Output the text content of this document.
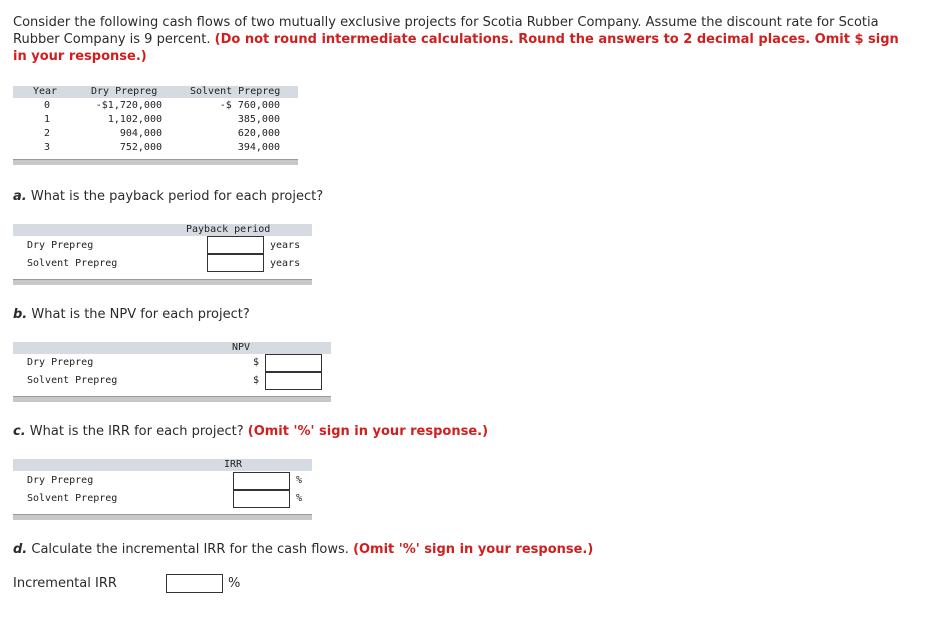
Consider the following cash flows of two mutually exclusive projects for Scotia Rubber Company. Assume the discount rate for Scotia Rubber Company is 9 percent. (Do not round intermediate calculations. Round the answers to 2 decimal places. Omit $ sign in your response.)
Year	Dry Prepreg	Solvent Prepreg
0	-$1,720,000	-$ 760,000
1	1,102,000	385,000
2	904,000	620,000
3	752,000	394,000
a. What is the payback period for each project?
Payback period
Dry Prepreg	years
Solvent Prepreg	years
b. What is the NPV for each project?
NPV
Dry Prepreg	$
Solvent Prepreg	$
c. What is the IRR for each project? (Omit '%' sign in your response.)
IRR
Dry Prepreg	%
Solvent Prepreg	%
d. Calculate the incremental IRR for the cash flows. (Omit '%' sign in your response.)
Incremental IRR	%
